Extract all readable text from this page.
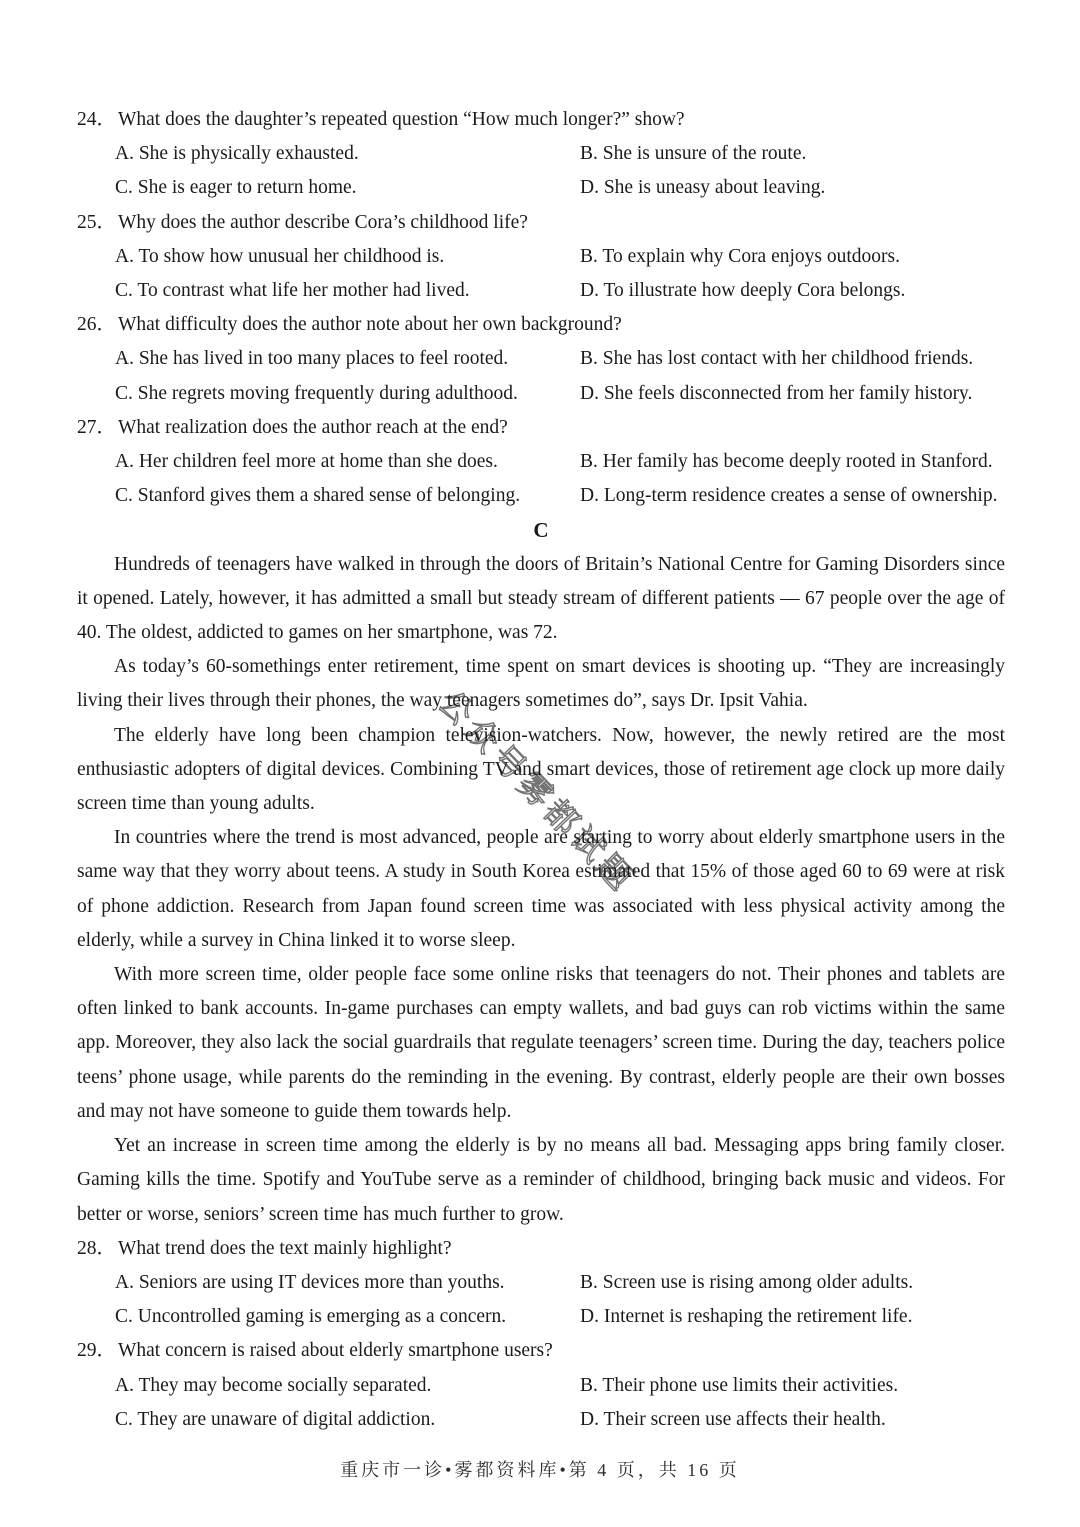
公众号雾都试题
24． What does the daughter’s repeated question “How much longer?” show?
A. She is physically exhausted.	B. She is unsure of the route.
C. She is eager to return home.	D. She is uneasy about leaving.
25． Why does the author describe Cora’s childhood life?
A. To show how unusual her childhood is.	B. To explain why Cora enjoys outdoors.
C. To contrast what life her mother had lived.	D. To illustrate how deeply Cora belongs.
26． What difficulty does the author note about her own background?
A. She has lived in too many places to feel rooted.	B. She has lost contact with her childhood friends.
C. She regrets moving frequently during adulthood.	D. She feels disconnected from her family history.
27． What realization does the author reach at the end?
A. Her children feel more at home than she does.	B. Her family has become deeply rooted in Stanford.
C. Stanford gives them a shared sense of belonging.	D. Long-term residence creates a sense of ownership.
C

Hundreds of teenagers have walked in through the doors of Britain’s National Centre for Gaming Disorders since it opened. Lately, however, it has admitted a small but steady stream of different patients — 67 people over the age of 40. The oldest, addicted to games on her smartphone, was 72.

As today’s 60-somethings enter retirement, time spent on smart devices is shooting up. “They are increasingly living their lives through their phones, the way teenagers sometimes do”, says Dr. Ipsit Vahia.

The elderly have long been champion television-watchers. Now, however, the newly retired are the most enthusiastic adopters of digital devices. Combining TV and smart devices, those of retirement age clock up more daily screen time than young adults.

In countries where the trend is most advanced, people are starting to worry about elderly smartphone users in the same way that they worry about teens. A study in South Korea estimated that 15% of those aged 60 to 69 were at risk of phone addiction. Research from Japan found screen time was associated with less physical activity among the elderly, while a survey in China linked it to worse sleep.

With more screen time, older people face some online risks that teenagers do not. Their phones and tablets are often linked to bank accounts. In-game purchases can empty wallets, and bad guys can rob victims within the same app. Moreover, they also lack the social guardrails that regulate teenagers’ screen time. During the day, teachers police teens’ phone usage, while parents do the reminding in the evening. By contrast, elderly people are their own bosses and may not have someone to guide them towards help.

Yet an increase in screen time among the elderly is by no means all bad. Messaging apps bring family closer. Gaming kills the time. Spotify and YouTube serve as a reminder of childhood, bringing back music and videos. For better or worse, seniors’ screen time has much further to grow.

28． What trend does the text mainly highlight?
A. Seniors are using IT devices more than youths.	B. Screen use is rising among older adults.
C. Uncontrolled gaming is emerging as a concern.	D. Internet is reshaping the retirement life.
29． What concern is raised about elderly smartphone users?
A. They may become socially separated.	B. Their phone use limits their activities.
C. They are unaware of digital addiction.	D. Their screen use affects their health.
重庆市一诊•雾都资料库•第 4 页，共 16 页
